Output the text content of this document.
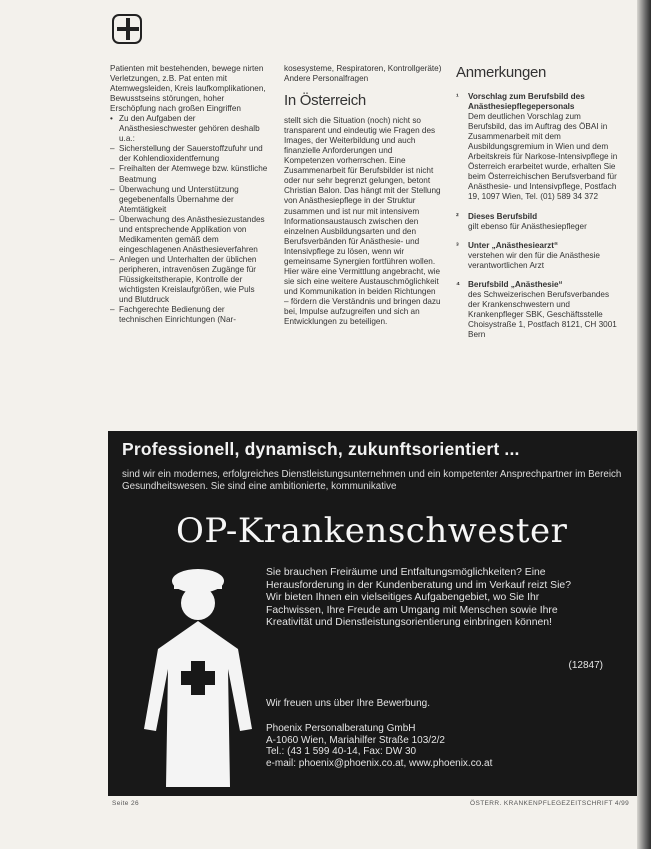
Patienten mit bestehenden, bewege nirten Verletzungen, z.B. Pat enten mit Atemwegsleiden, Kreis laufkomplikationen, Bewusstseins störungen, hoher Erschöpfung nach großen Eingriffen

• Zu den Aufgaben der Anästhesieschwester gehören deshalb u.a.:

– Sicherstellung der Sauerstoffzufuhr und der Kohlendioxidentfernung

– Freihalten der Atemwege bzw. künstliche Beatmung

– Überwachung und Unterstützung gegebenenfalls Übernahme der Atemtätigkeit

– Überwachung des Anästhesiezustandes und entsprechende Applikation von Medikamenten gemäß dem eingeschlagenen Anästhesieverfahren

– Anlegen und Unterhalten der üblichen peripheren, intravenösen Zugänge für Flüssigkeitstherapie, Kontrolle der wichtigsten Kreislaufgrößen, wie Puls und Blutdruck

– Fachgerechte Bedienung der technischen Einrichtungen (Nar-

kosesysteme, Respiratoren, Kontrollgeräte) Andere Personalfragen

In Österreich

stellt sich die Situation (noch) nicht so transparent und eindeutig wie Fragen des Images, der Weiterbildung und auch finanzielle Anforderungen und Kompetenzen vorherrschen. Eine Zusammenarbeit für Berufsbilder ist nicht oder nur sehr begrenzt gelungen, betont Christian Balon. Das hängt mit der Stellung von Anästhesiepflege in der Struktur zusammen und ist nur mit intensivem Informationsaustausch zwischen den einzelnen Ausbildungsarten und den Berufsverbänden für Anästhesie- und Intensivpflege zu lösen, wenn wir gemeinsame Synergien fortführen wollen. Hier wäre eine Vermittlung angebracht, wie sie sich eine weitere Austauschmöglichkeit und Kommunikation in beiden Richtungen – fördern die Verständnis und bringen dazu bei, Impulse aufzugreifen und sich an Entwicklungen zu beteiligen.

Anmerkungen
¹ Vorschlag zum Berufsbild des Anästhesiepflegepersonals
Dem deutlichen Vorschlag zum Berufsbild, das im Auftrag des ÖBAI in Zusammenarbeit mit dem Ausbildungsgremium in Wien und dem Arbeitskreis für Narkose-Intensivpflege in Österreich erarbeitet wurde, erhalten Sie beim Österreichischen Berufsverband für Anästhesie- und Intensivpflege, Postfach 19, 1097 Wien, Tel. (01) 589 34 372
² Dieses Berufsbild
gilt ebenso für Anästhesiepfleger
³ Unter „Anästhesiearzt“
verstehen wir den für die Anästhesie verantwortlichen Arzt
⁴ Berufsbild „Anästhesie“
des Schweizerischen Berufsverbandes der Krankenschwestern und Krankenpfleger SBK, Geschäftsstelle Choisystraße 1, Postfach 8121, CH 3001 Bern
Professionell, dynamisch, zukunftsorientiert ...
sind wir ein modernes, erfolgreiches Dienstleistungsunternehmen und ein kompetenter Ansprechpartner im Bereich Gesundheitswesen. Sie sind eine ambitionierte, kommunikative
OP-Krankenschwester
Sie brauchen Freiräume und Entfaltungsmöglichkeiten? Eine Herausforderung in der Kundenberatung und im Verkauf reizt Sie? Wir bieten Ihnen ein vielseitiges Aufgabengebiet, wo Sie Ihr Fachwissen, Ihre Freude am Umgang mit Menschen sowie Ihre Kreativität und Dienstleistungsorientierung einbringen können!
(12847)
Wir freuen uns über Ihre Bewerbung.
Phoenix Personalberatung GmbH
A-1060 Wien, Mariahilfer Straße 103/2/2
Tel.: (43 1 599 40-14, Fax: DW 30
e-mail: phoenix@phoenix.co.at, www.phoenix.co.at
Seite 26	ÖSTERR. KRANKENPFLEGEZEITSCHRIFT 4/99
